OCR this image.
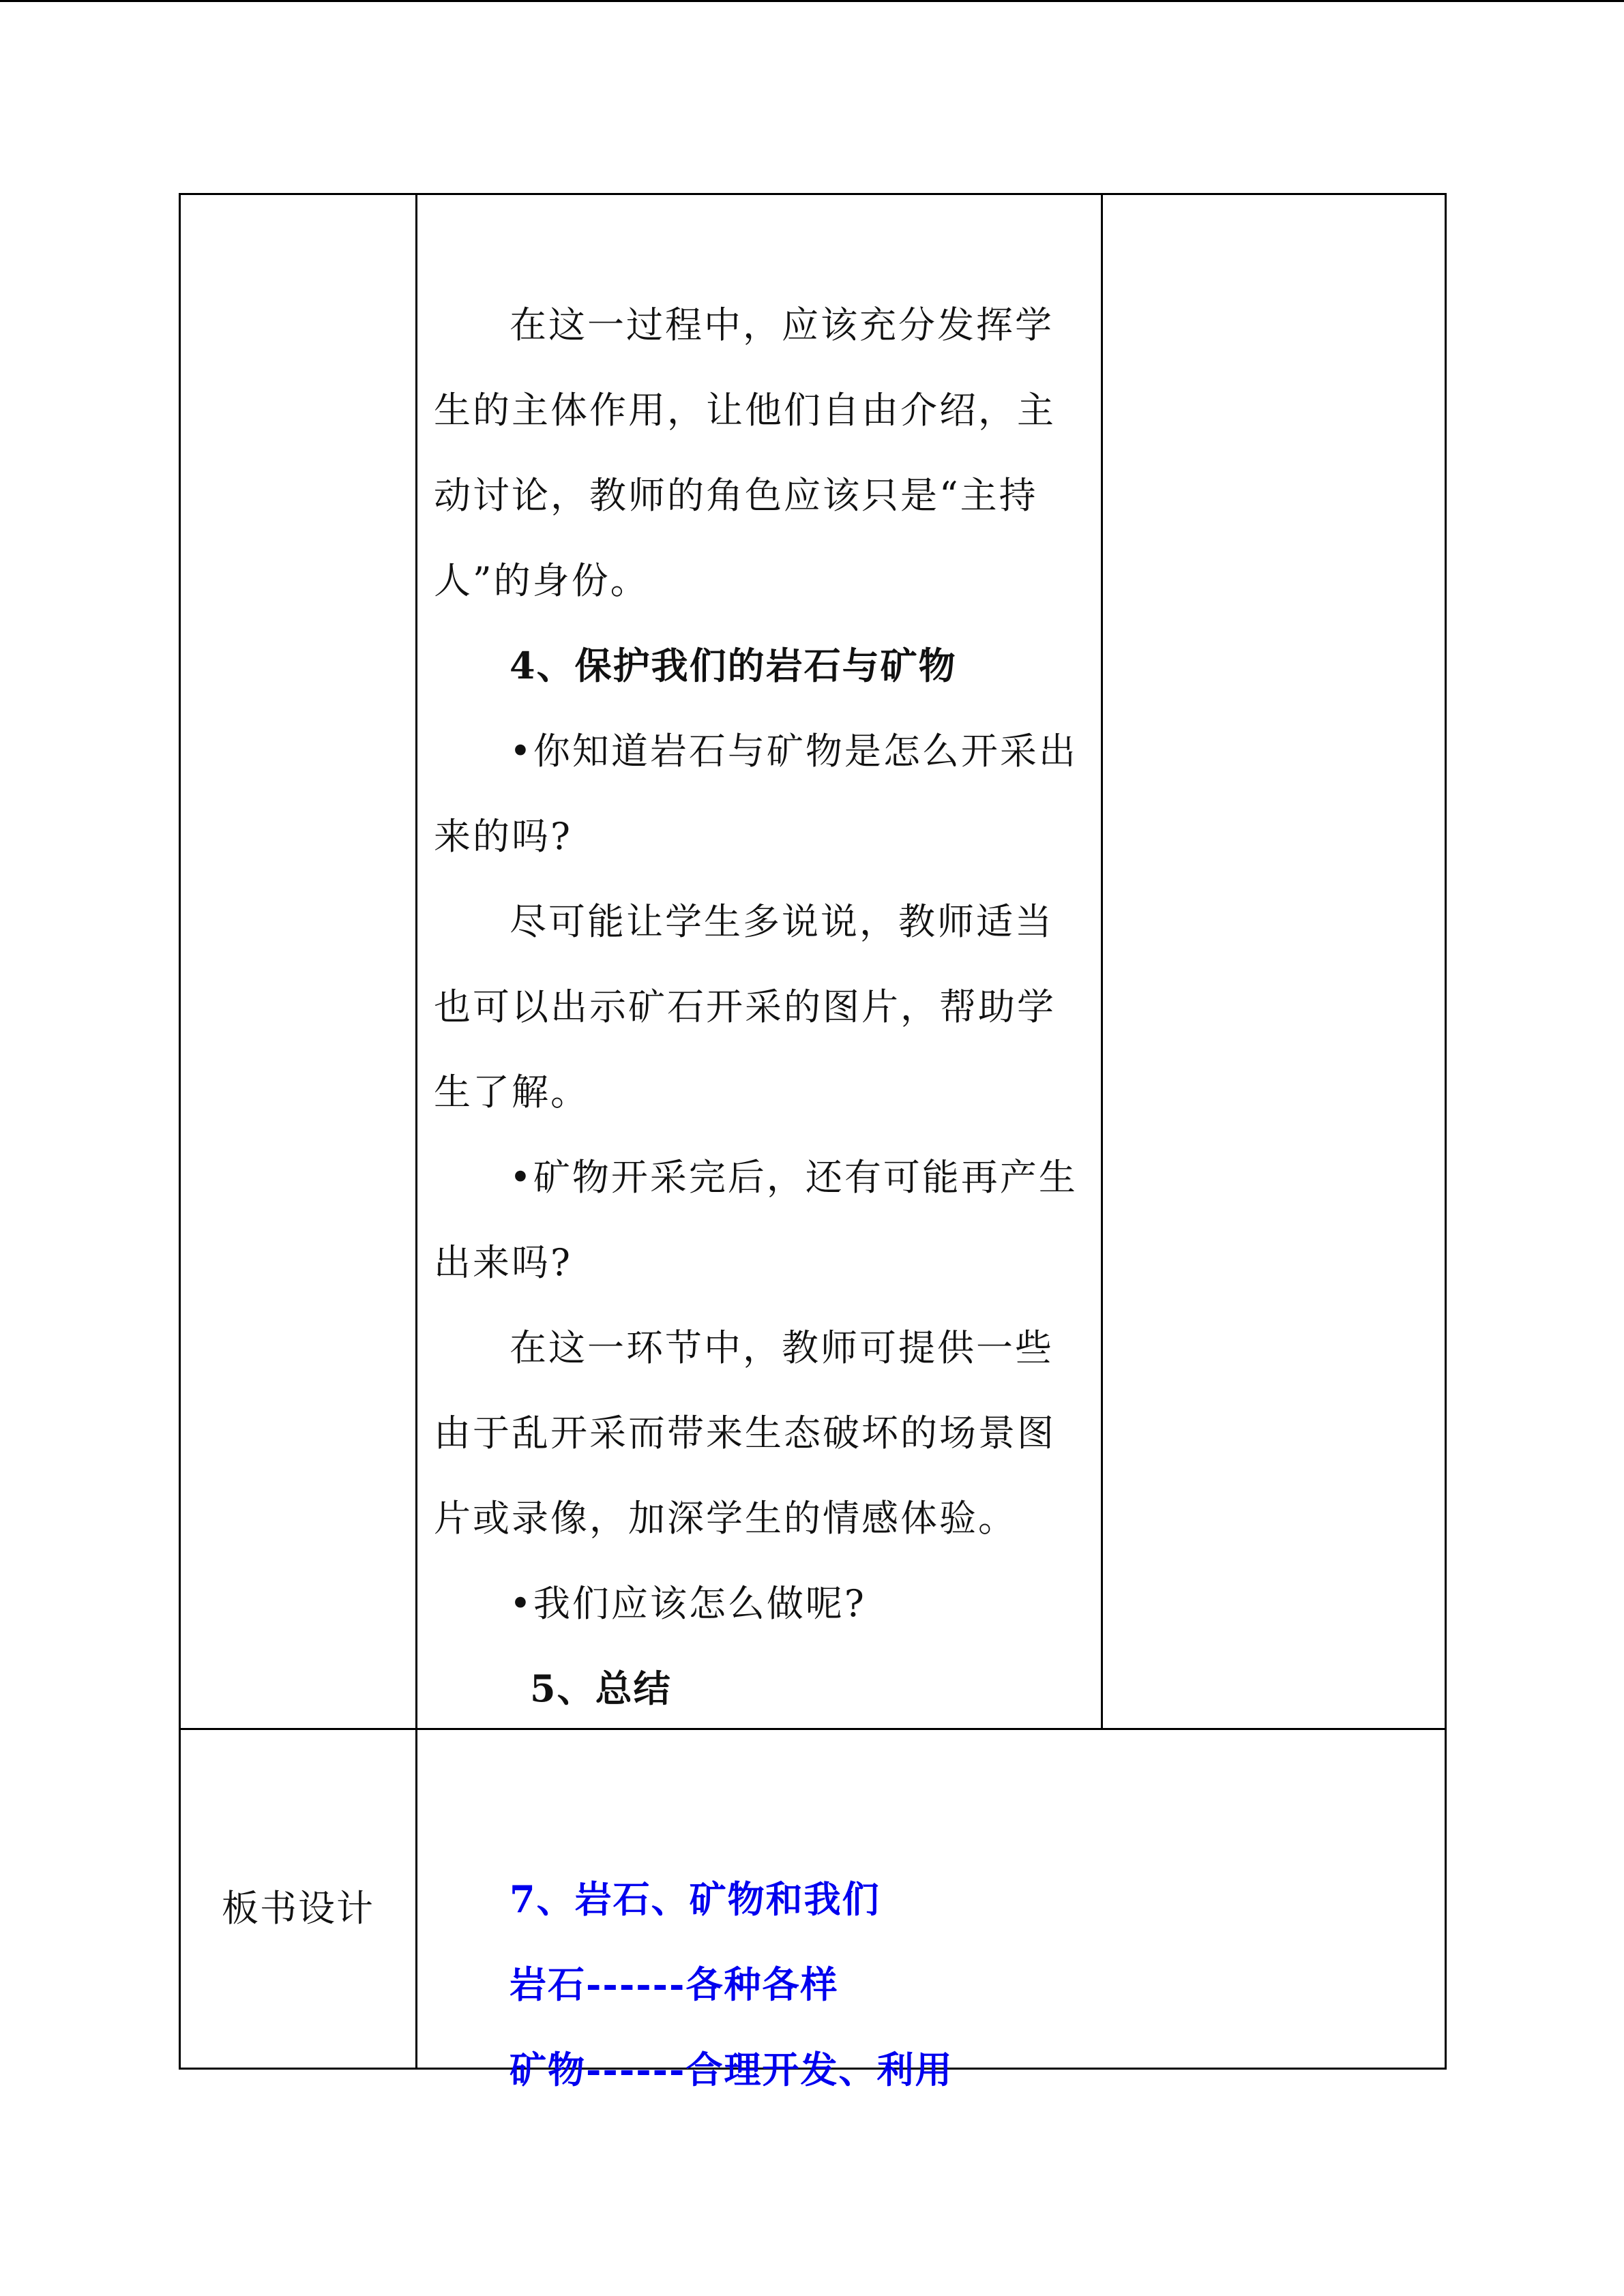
在这一过程中，应该充分发挥学生的主体作用，让他们自由介绍，主动讨论，教师的角色应该只是“主持人”的身份。

4、保护我们的岩石与矿物

•你知道岩石与矿物是怎么开采出来的吗?

尽可能让学生多说说，教师适当也可以出示矿石开采的图片，帮助学生了解。

•矿物开采完后，还有可能再产生出来吗?

在这一环节中，教师可提供一些由于乱开采而带来生态破坏的场景图片或录像，加深学生的情感体验。

•我们应该怎么做呢?

5、总结

板书设计	7、岩石、矿物和我们

岩石------各种各样

矿物------合理开发、利用
